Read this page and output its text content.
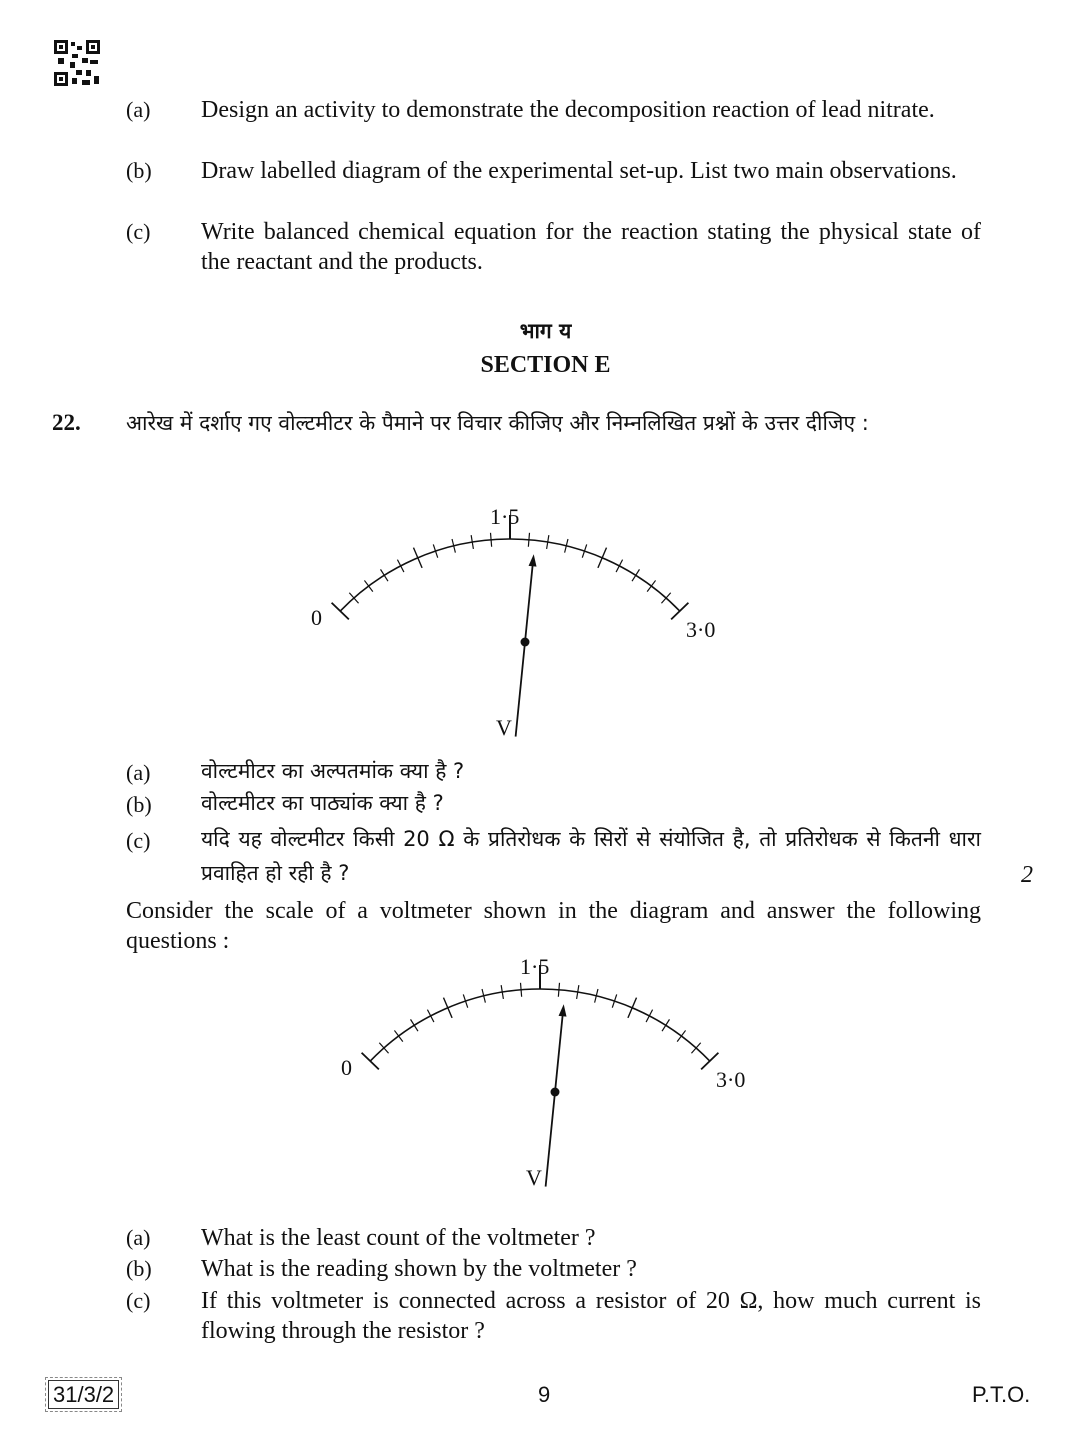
(a) Design an activity to demonstrate the decomposition reaction of lead nitrate.
(b) Draw labelled diagram of the experimental set-up. List two main observations.
(c) Write balanced chemical equation for the reaction stating the physical state of the reactant and the products.
भाग य
SECTION E
22. आरेख में दर्शाए गए वोल्टमीटर के पैमाने पर विचार कीजिए और निम्नलिखित प्रश्नों के उत्तर दीजिए :
0
1·5
3·0
V
(a) वोल्टमीटर का अल्पतमांक क्या है ?
(b) वोल्टमीटर का पाठ्यांक क्या है ?
(c) यदि यह वोल्टमीटर किसी 20 Ω के प्रतिरोधक के सिरों से संयोजित है, तो प्रतिरोधक से कितनी धारा प्रवाहित हो रही है ?	2
Consider the scale of a voltmeter shown in the diagram and answer the following questions :
0
1·5
3·0
V
(a) What is the least count of the voltmeter ?
(b) What is the reading shown by the voltmeter ?
(c) If this voltmeter is connected across a resistor of 20 Ω, how much current is flowing through the resistor ?
31/3/2	9	P.T.O.
